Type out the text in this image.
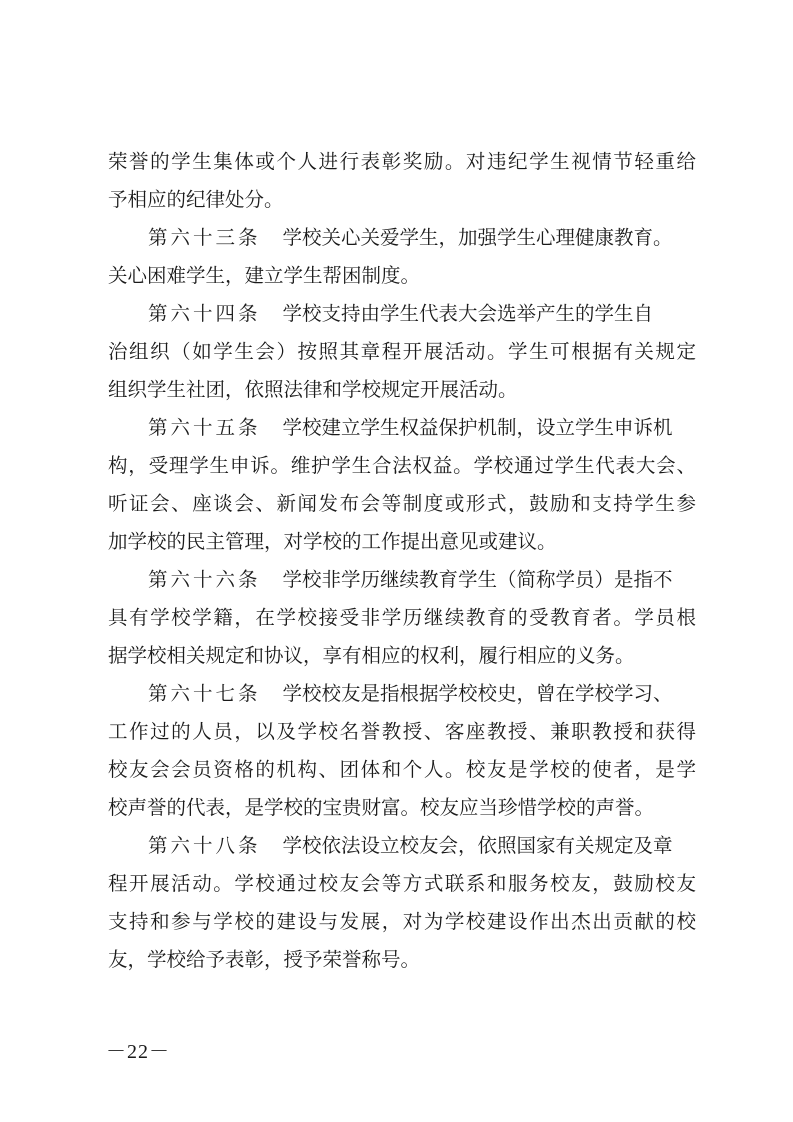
荣誉的学生集体或个人进行表彰奖励。对违纪学生视情节轻重给
予相应的纪律处分。
第六十三条 学校关心关爱学生，加强学生心理健康教育。
关心困难学生，建立学生帮困制度。
第六十四条 学校支持由学生代表大会选举产生的学生自
治组织（如学生会）按照其章程开展活动。学生可根据有关规定
组织学生社团，依照法律和学校规定开展活动。
第六十五条 学校建立学生权益保护机制，设立学生申诉机
构，受理学生申诉。维护学生合法权益。学校通过学生代表大会、
听证会、座谈会、新闻发布会等制度或形式，鼓励和支持学生参
加学校的民主管理，对学校的工作提出意见或建议。
第六十六条 学校非学历继续教育学生（简称学员）是指不
具有学校学籍，在学校接受非学历继续教育的受教育者。学员根
据学校相关规定和协议，享有相应的权利，履行相应的义务。
第六十七条 学校校友是指根据学校校史，曾在学校学习、
工作过的人员，以及学校名誉教授、客座教授、兼职教授和获得
校友会会员资格的机构、团体和个人。校友是学校的使者，是学
校声誉的代表，是学校的宝贵财富。校友应当珍惜学校的声誉。
第六十八条 学校依法设立校友会，依照国家有关规定及章
程开展活动。学校通过校友会等方式联系和服务校友，鼓励校友
支持和参与学校的建设与发展，对为学校建设作出杰出贡献的校
友，学校给予表彰，授予荣誉称号。
－22－
